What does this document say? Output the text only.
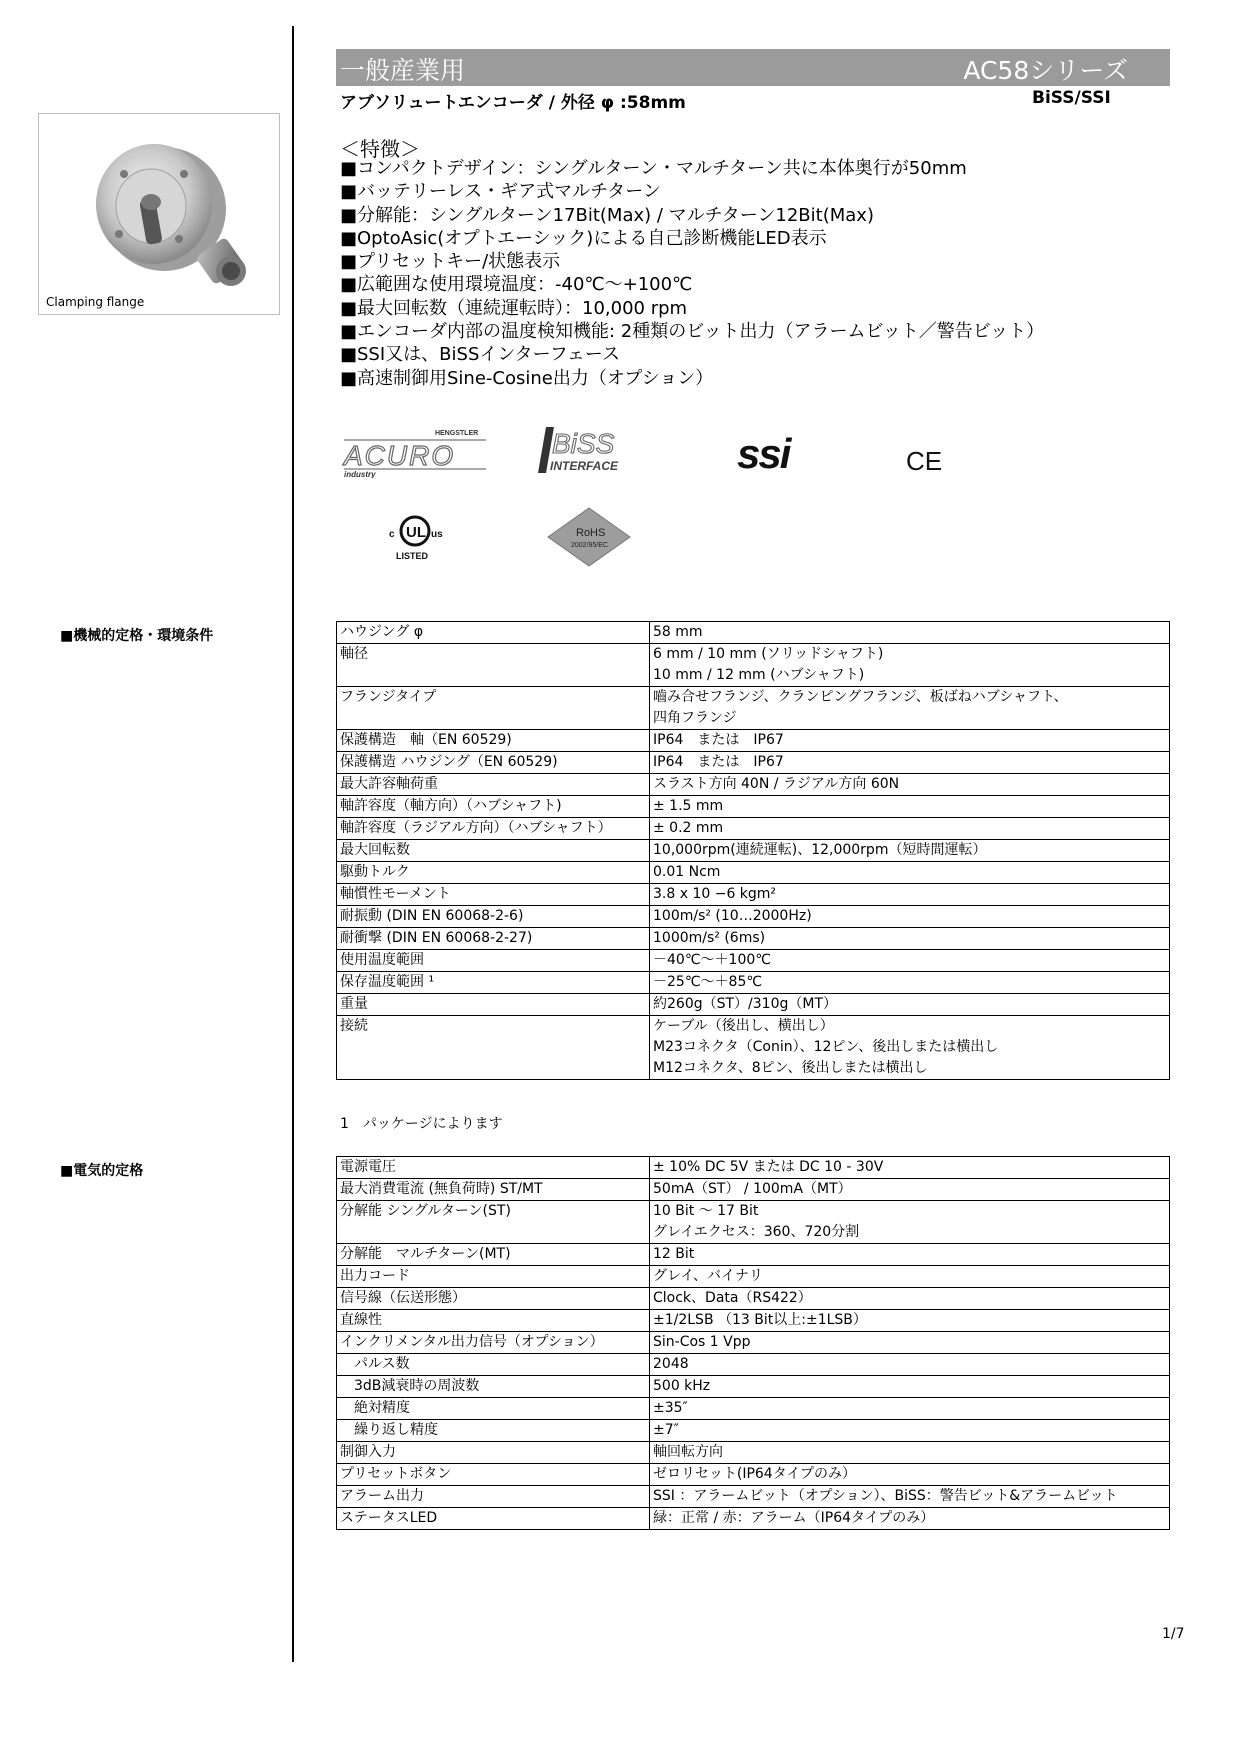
Clamping flange
一般産業用	AC58シリーズ
アブソリュートエンコーダ / 外径 φ :58mm	BiSS/SSI
＜特徴＞
■コンパクトデザイン：シングルターン・マルチターン共に本体奥行が50mm
■バッテリーレス・ギア式マルチターン
■分解能：シングルターン17Bit(Max) / マルチターン12Bit(Max)
■OptoAsic(オプトエーシック)による自己診断機能LED表示
■プリセットキー/状態表示
■広範囲な使用環境温度：-40℃～+100℃
■最大回転数（連続運転時）：10,000 rpm
■エンコーダ内部の温度検知機能: 2種類のビット出力（アラームビット／警告ビット）
■SSI又は、BiSSインターフェース
■高速制御用Sine-Cosine出力（オプション）
HENGSTLER
ACURO
industry
BiSS
INTERFACE	ssi	CE
UL
c	us
LISTED
RoHS
2002/95/EC
■機械的定格・環境条件	ハウジング φ	58 mm

軸径	6 mm / 10 mm (ソリッドシャフト)
10 mm / 12 mm (ハブシャフト)

フランジタイプ	嚙み合せフランジ、クランピングフランジ、板ばねハブシャフト、
四角フランジ

保護構造　軸（EN 60529)	IP64　または　IP67

保護構造 ハウジング（EN 60529)	IP64　または　IP67

最大許容軸荷重	スラスト方向 40N / ラジアル方向 60N

軸許容度（軸方向）（ハブシャフト)	± 1.5 mm

軸許容度（ラジアル方向）（ハブシャフト）	± 0.2 mm

最大回転数	10,000rpm(連続運転)、12,000rpm（短時間運転）

駆動トルク	0.01 Ncm

軸慣性モーメント	3.8 x 10 −6 kgm²

耐振動 (DIN EN 60068-2-6)	100m/s² (10…2000Hz)

耐衝撃 (DIN EN 60068-2-27)	1000m/s² (6ms)

使用温度範囲	－40℃～＋100℃

保存温度範囲 ¹	－25℃～＋85℃

重量	約260g（ST）/310g（MT）

接続	ケーブル（後出し、横出し）
M23コネクタ（Conin）、12ピン、後出しまたは横出し
M12コネクタ、8ピン、後出しまたは横出し
1　パッケージによります
■電気的定格	電源電圧	± 10% DC 5V または DC 10 - 30V

最大消費電流 (無負荷時) ST/MT	50mA（ST） / 100mA（MT）

分解能 シングルターン(ST)	10 Bit ～ 17 Bit
グレイエクセス：360、720分割

分解能　マルチターン(MT)	12 Bit

出力コード	グレイ、バイナリ

信号線（伝送形態）	Clock、Data（RS422）

直線性	±1/2LSB （13 Bit以上:±1LSB）

インクリメンタル出力信号（オプション）	Sin-Cos 1 Vpp

　パルス数	2048

　3dB減衰時の周波数	500 kHz

　絶対精度	±35″

　繰り返し精度	±7″

制御入力	軸回転方向

プリセットボタン	ゼロリセット(IP64タイプのみ）

アラーム出力	SSI ：アラームビット（オプション）、BiSS：警告ビット&アラームビット

ステータスLED	緑：正常 / 赤：アラーム（IP64タイプのみ）
1/7
